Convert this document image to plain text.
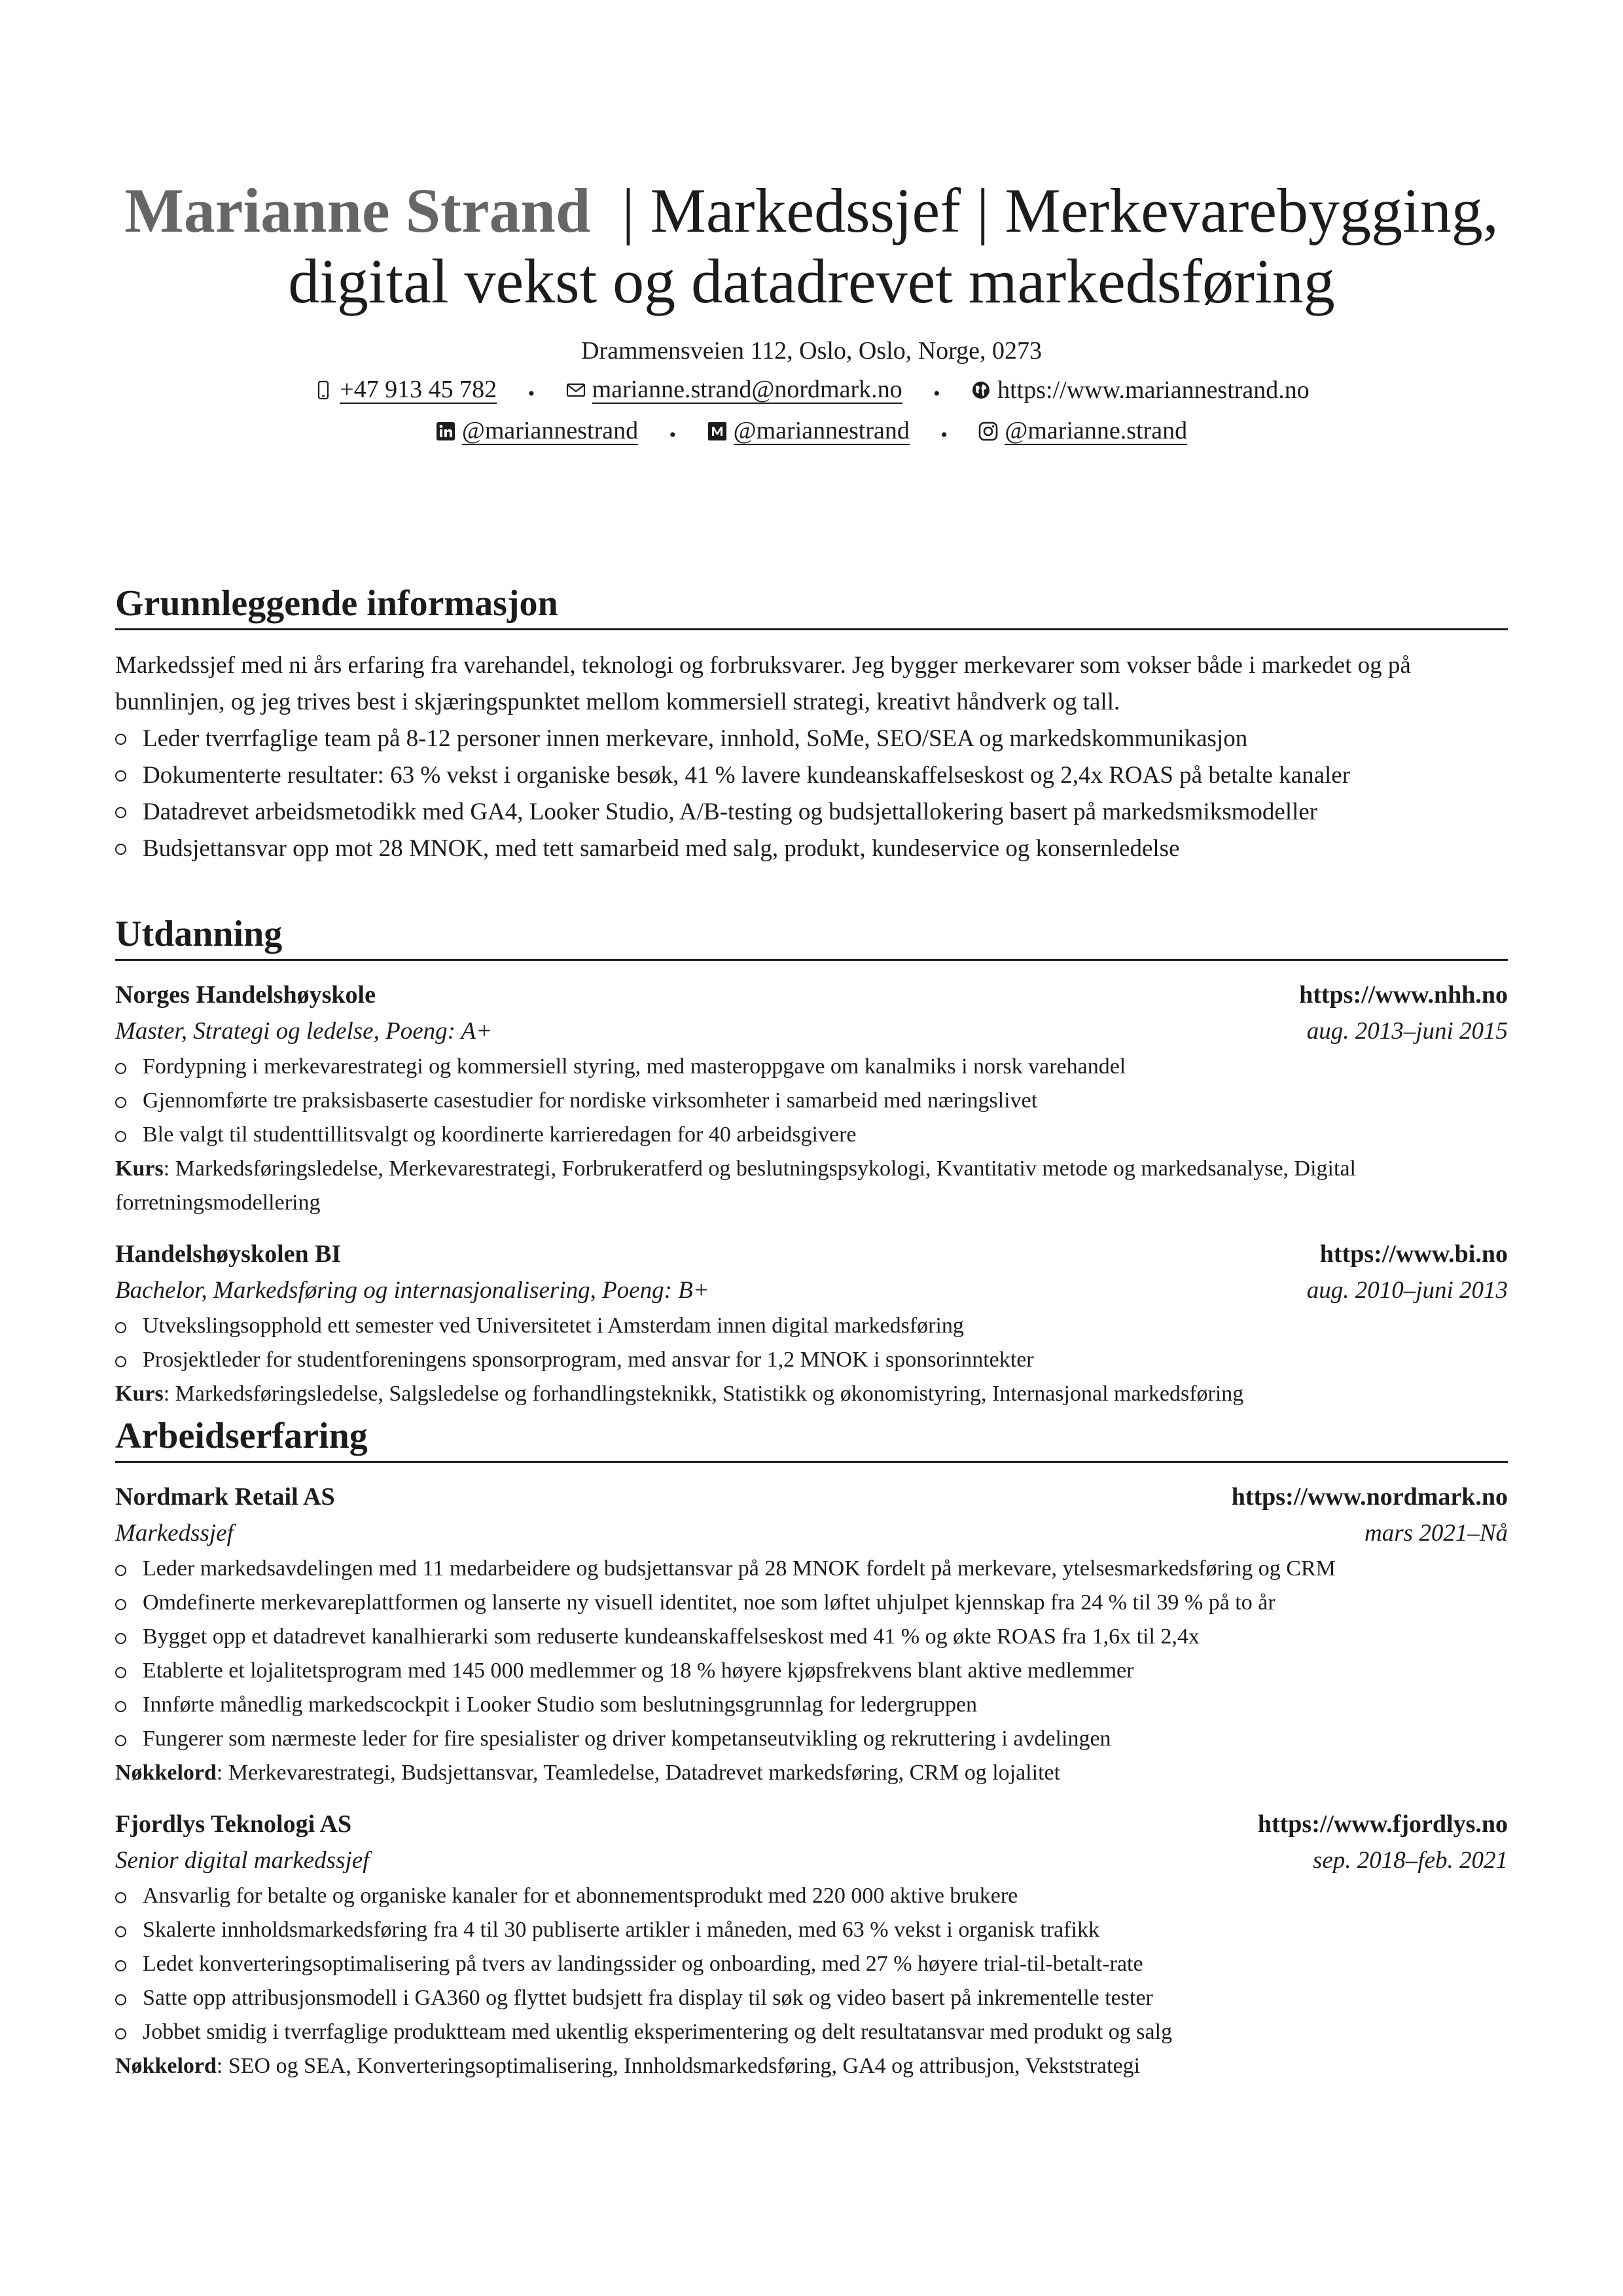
Marianne Strand | Markedssjef | Merkevarebygging, digital vekst og datadrevet markedsføring
Drammensveien 112, Oslo, Oslo, Norge, 0273
+47 913 45 782 • marianne.strand@nordmark.no • https://www.mariannestrand.no
@mariannestrand • @mariannestrand • @marianne.strand
Grunnleggende informasjon

Markedssjef med ni års erfaring fra varehandel, teknologi og forbruksvarer. Jeg bygger merkevarer som vokser både i markedet og på bunnlinjen, og jeg trives best i skjæringspunktet mellom kommersiell strategi, kreativt håndverk og tall.

Leder tverrfaglige team på 8-12 personer innen merkevare, innhold, SoMe, SEO/SEA og markedskommunikasjon
Dokumenterte resultater: 63 % vekst i organiske besøk, 41 % lavere kundeanskaffelseskost og 2,4x ROAS på betalte kanaler
Datadrevet arbeidsmetodikk med GA4, Looker Studio, A/B-testing og budsjettallokering basert på markedsmiksmodeller
Budsjettansvar opp mot 28 MNOK, med tett samarbeid med salg, produkt, kundeservice og konsernledelse
Utdanning
Norges Handelshøyskole	https://www.nhh.no
Master, Strategi og ledelse, Poeng: A+	aug. 2013–juni 2015
Fordypning i merkevarestrategi og kommersiell styring, med masteroppgave om kanalmiks i norsk varehandel
Gjennomførte tre praksisbaserte casestudier for nordiske virksomheter i samarbeid med næringslivet
Ble valgt til studenttillitsvalgt og koordinerte karrieredagen for 40 arbeidsgivere
Kurs: Markedsføringsledelse, Merkevarestrategi, Forbrukeratferd og beslutningspsykologi, Kvantitativ metode og markedsanalyse, Digital forretningsmodellering
Handelshøyskolen BI	https://www.bi.no
Bachelor, Markedsføring og internasjonalisering, Poeng: B+	aug. 2010–juni 2013
Utvekslingsopphold ett semester ved Universitetet i Amsterdam innen digital markedsføring
Prosjektleder for studentforeningens sponsorprogram, med ansvar for 1,2 MNOK i sponsorinntekter
Kurs: Markedsføringsledelse, Salgsledelse og forhandlingsteknikk, Statistikk og økonomistyring, Internasjonal markedsføring
Arbeidserfaring
Nordmark Retail AS	https://www.nordmark.no
Markedssjef	mars 2021–Nå
Leder markedsavdelingen med 11 medarbeidere og budsjettansvar på 28 MNOK fordelt på merkevare, ytelsesmarkedsføring og CRM
Omdefinerte merkevareplattformen og lanserte ny visuell identitet, noe som løftet uhjulpet kjennskap fra 24 % til 39 % på to år
Bygget opp et datadrevet kanalhierarki som reduserte kundeanskaffelseskost med 41 % og økte ROAS fra 1,6x til 2,4x
Etablerte et lojalitetsprogram med 145 000 medlemmer og 18 % høyere kjøpsfrekvens blant aktive medlemmer
Innførte månedlig markedscockpit i Looker Studio som beslutningsgrunnlag for ledergruppen
Fungerer som nærmeste leder for fire spesialister og driver kompetanseutvikling og rekruttering i avdelingen
Nøkkelord: Merkevarestrategi, Budsjettansvar, Teamledelse, Datadrevet markedsføring, CRM og lojalitet
Fjordlys Teknologi AS	https://www.fjordlys.no
Senior digital markedssjef	sep. 2018–feb. 2021
Ansvarlig for betalte og organiske kanaler for et abonnementsprodukt med 220 000 aktive brukere
Skalerte innholdsmarkedsføring fra 4 til 30 publiserte artikler i måneden, med 63 % vekst i organisk trafikk
Ledet konverteringsoptimalisering på tvers av landingssider og onboarding, med 27 % høyere trial-til-betalt-rate
Satte opp attribusjonsmodell i GA360 og flyttet budsjett fra display til søk og video basert på inkrementelle tester
Jobbet smidig i tverrfaglige produktteam med ukentlig eksperimentering og delt resultatansvar med produkt og salg
Nøkkelord: SEO og SEA, Konverteringsoptimalisering, Innholdsmarkedsføring, GA4 og attribusjon, Vekststrategi
